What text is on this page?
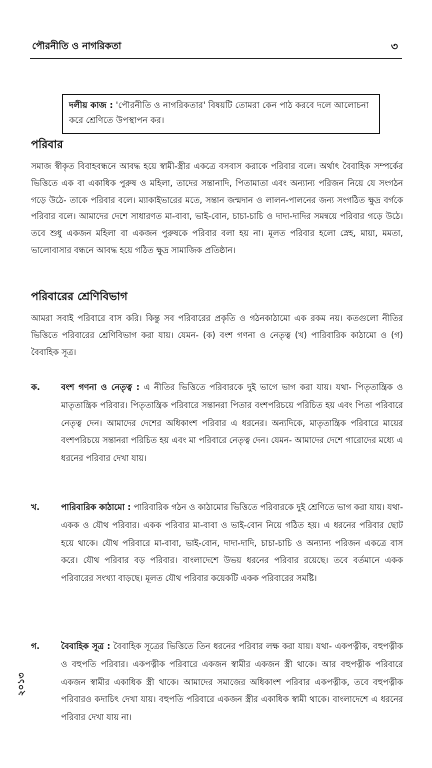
পৌরনীতি ও নাগরিকতা	৩
দলীয় কাজ : 'পৌরনীতি ও নাগরিকতার' বিষয়টি তোমরা কেন পাঠ করবে দলে আলোচনা করে শ্রেণিতে উপস্থাপন কর।
পরিবার
সমাজ স্বীকৃত বিবাহবন্ধনে আবদ্ধ হয়ে স্বামী-স্ত্রীর একত্রে বসবাস করাকে পরিবার বলে। অর্থাৎ বৈবাহিক সম্পর্কের ভিত্তিতে এক বা একাধিক পুরুষ ও মহিলা, তাদের সন্তানাদি, পিতামাতা এবং অন্যান্য পরিজন নিয়ে যে সংগঠন গড়ে উঠে- তাকে পরিবার বলে। ম্যাকাইভারের মতে, সন্তান জন্মদান ও লালন-পালনের জন্য সংগঠিত ক্ষুদ্র বর্গকে পরিবার বলে। আমাদের দেশে সাধারণত মা-বাবা, ভাই-বোন, চাচা-চাচি ও দাদা-দাদির সমন্বয়ে পরিবার গড়ে উঠে। তবে শুধু একজন মহিলা বা একজন পুরুষকে পরিবার বলা হয় না। মূলত পরিবার হলো স্নেহ, মায়া, মমতা, ভালোবাসার বন্ধনে আবদ্ধ হয়ে গঠিত ক্ষুদ্র সামাজিক প্রতিষ্ঠান।
পরিবারের শ্রেণিবিভাগ
আমরা সবাই পরিবারে বাস করি। কিন্তু সব পরিবারের প্রকৃতি ও গঠনকাঠামো এক রকম নয়। কতগুলো নীতির ভিত্তিতে পরিবারের শ্রেণিবিভাগ করা যায়। যেমন- (ক) বংশ গণনা ও নেতৃত্ব (খ) পারিবারিক কাঠামো ও (গ) বৈবাহিক সূত্র।
ক.	বংশ গণনা ও নেতৃত্ব : এ নীতির ভিত্তিতে পরিবারকে দুই ভাগে ভাগ করা যায়। যথা- পিতৃতান্ত্রিক ও মাতৃতান্ত্রিক পরিবার। পিতৃতান্ত্রিক পরিবারে সন্তানরা পিতার বংশপরিচয়ে পরিচিত হয় এবং পিতা পরিবারে নেতৃত্ব দেন। আমাদের দেশের অধিকাংশ পরিবার এ ধরনের। অন্যদিকে, মাতৃতান্ত্রিক পরিবারে মায়ের বংশপরিচয়ে সন্তানরা পরিচিত হয় এবং মা পরিবারে নেতৃত্ব দেন। যেমন- আমাদের দেশে গারোদের মধ্যে এ ধরনের পরিবার দেখা যায়।
খ.	পারিবারিক কাঠামো : পারিবারিক গঠন ও কাঠামোর ভিত্তিতে পরিবারকে দুই শ্রেণিতে ভাগ করা যায়। যথা- একক ও যৌথ পরিবার। একক পরিবার মা-বাবা ও ভাই-বোন নিয়ে গঠিত হয়। এ ধরনের পরিবার ছোট হয়ে থাকে। যৌথ পরিবারে মা-বাবা, ভাই-বোন, দাদা-দাদি, চাচা-চাচি ও অন্যান্য পরিজন একত্রে বাস করে। যৌথ পরিবার বড় পরিবার। বাংলাদেশে উভয় ধরনের পরিবার রয়েছে। তবে বর্তমানে একক পরিবারের সংখ্যা বাড়ছে। মূলত যৌথ পরিবার কয়েকটি একক পরিবারের সমষ্টি।
গ.	বৈবাহিক সূত্র : বৈবাহিক সূত্রের ভিত্তিতে তিন ধরনের পরিবার লক্ষ করা যায়। যথা- একপত্নীক, বহুপত্নীক ও বহুপতি পরিবার। একপত্নীক পরিবারে একজন স্বামীর একজন স্ত্রী থাকে। আর বহুপত্নীক পরিবারে একজন স্বামীর একাধিক স্ত্রী থাকে। আমাদের সমাজের অধিকাংশ পরিবার একপত্নীক, তবে বহুপত্নীক পরিবারও কদাচিৎ দেখা যায়। বহুপতি পরিবারে একজন স্ত্রীর একাধিক স্বামী থাকে। বাংলাদেশে এ ধরনের পরিবার দেখা যায় না।
২০১৩
